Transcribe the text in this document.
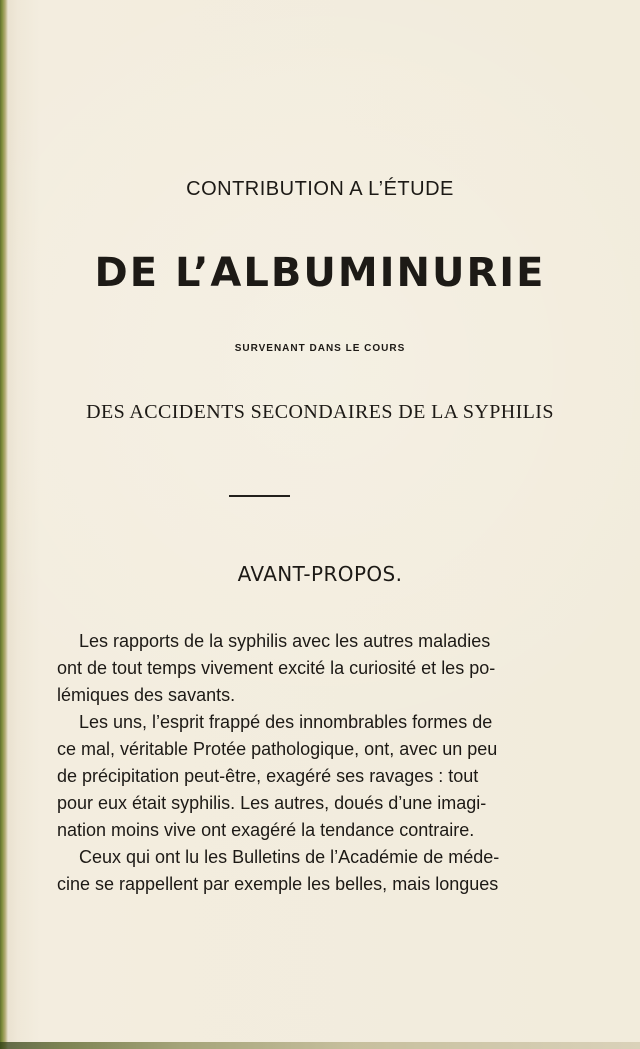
CONTRIBUTION A L’ÉTUDE
DE L’ALBUMINURIE
SURVENANT DANS LE COURS
DES ACCIDENTS SECONDAIRES DE LA SYPHILIS
AVANT-PROPOS.
Les rapports de la syphilis avec les autres maladies
ont de tout temps vivement excité la curiosité et les po-
lémiques des savants.
Les uns, l’esprit frappé des innombrables formes de
ce mal, véritable Protée pathologique, ont, avec un peu
de précipitation peut-être, exagéré ses ravages : tout
pour eux était syphilis. Les autres, doués d’une imagi-
nation moins vive ont exagéré la tendance contraire.
Ceux qui ont lu les Bulletins de l’Académie de méde-
cine se rappellent par exemple les belles, mais longues
